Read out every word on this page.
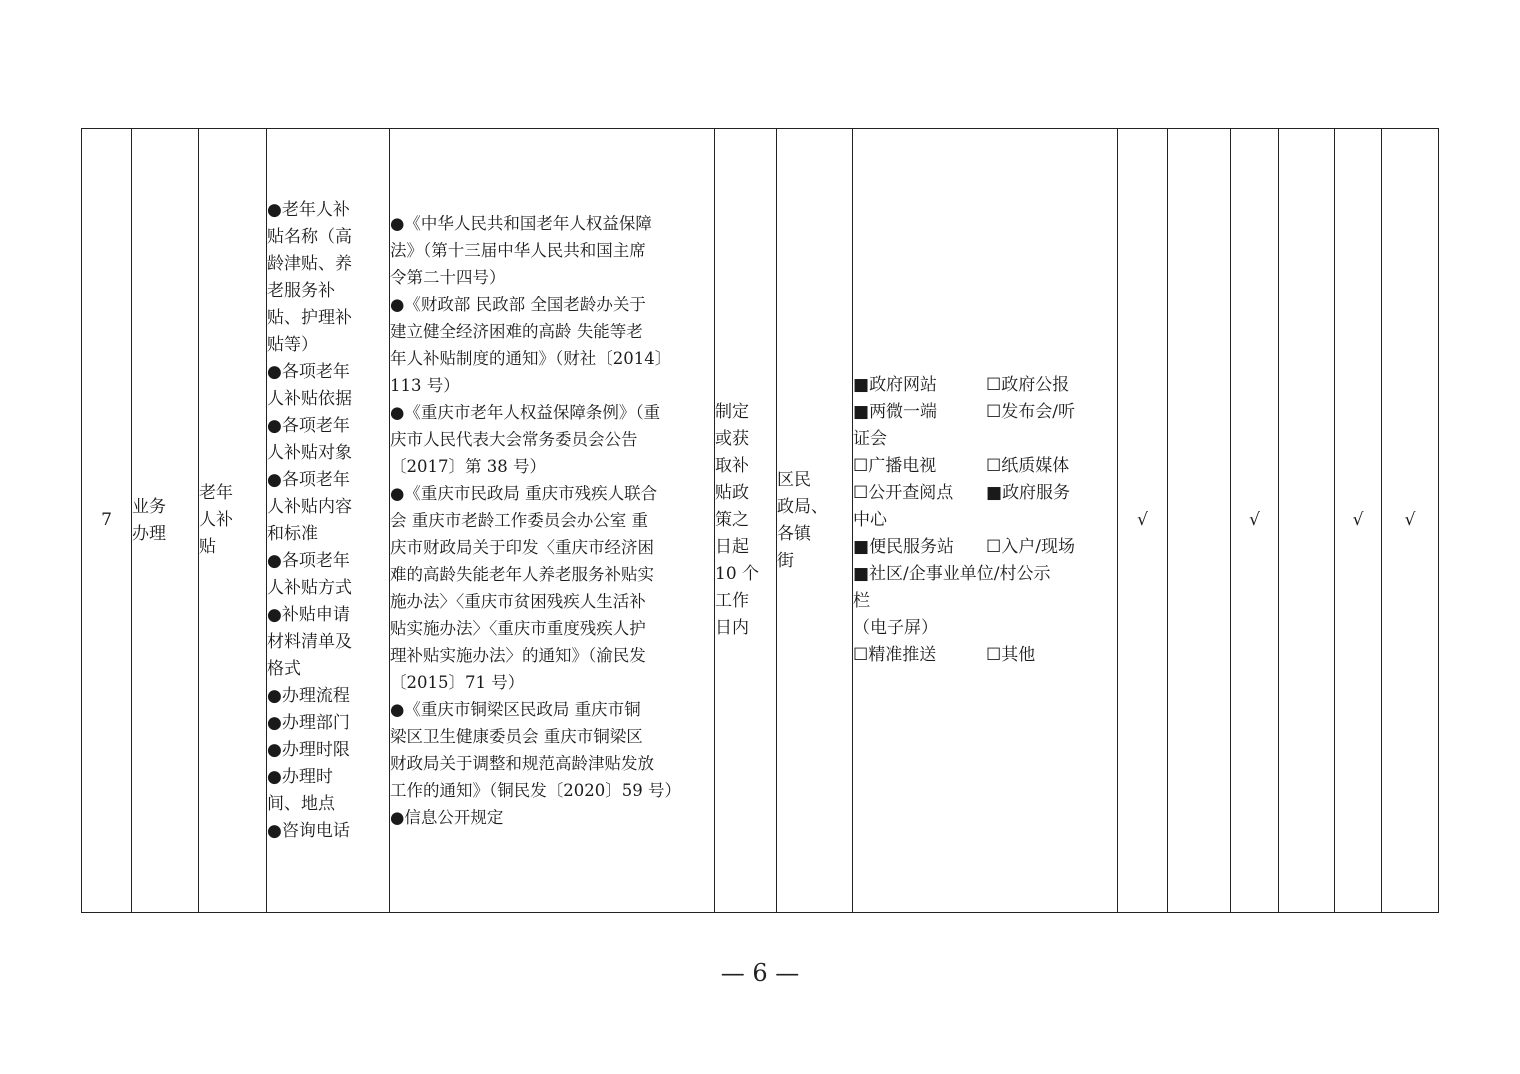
7	
业务
办理

老年
人补
贴

●老年人补
贴名称（高
龄津贴、养
老服务补
贴、护理补
贴等）
●各项老年
人补贴依据
●各项老年
人补贴对象
●各项老年
人补贴内容
和标准
●各项老年
人补贴方式
●补贴申请
材料清单及
格式
●办理流程
●办理部门
●办理时限
●办理时
间、地点
●咨询电话

●《中华人民共和国老年人权益保障
法》（第十三届中华人民共和国主席
令第二十四号）
●《财政部 民政部 全国老龄办关于
建立健全经济困难的高龄 失能等老
年人补贴制度的通知》（财社〔2014〕
113 号）
●《重庆市老年人权益保障条例》（重
庆市人民代表大会常务委员会公告
〔2017〕第 38 号）
●《重庆市民政局 重庆市残疾人联合
会 重庆市老龄工作委员会办公室 重
庆市财政局关于印发〈重庆市经济困
难的高龄失能老年人养老服务补贴实
施办法〉〈重庆市贫困残疾人生活补
贴实施办法〉〈重庆市重度残疾人护
理补贴实施办法〉的通知》（渝民发
〔2015〕71 号）
●《重庆市铜梁区民政局 重庆市铜
梁区卫生健康委员会 重庆市铜梁区
财政局关于调整和规范高龄津贴发放
工作的通知》（铜民发〔2020〕59 号）
●信息公开规定

制定
或获
取补
贴政
策之
日起
10 个
工作
日内

区民
政局、
各镇
街

■ 政府网站	☐ 政府公报
■ 两微一端	☐ 发布会/听
证会
☐ 广播电视	☐ 纸质媒体
☐ 公开查阅点	■ 政府服务
中心
■ 便民服务站	☐ 入户/现场
■社区/企事业单位/村公示
栏
（电子屏）
☐ 精准推送	☐ 其他
	√		√		√	√
— 6 —
